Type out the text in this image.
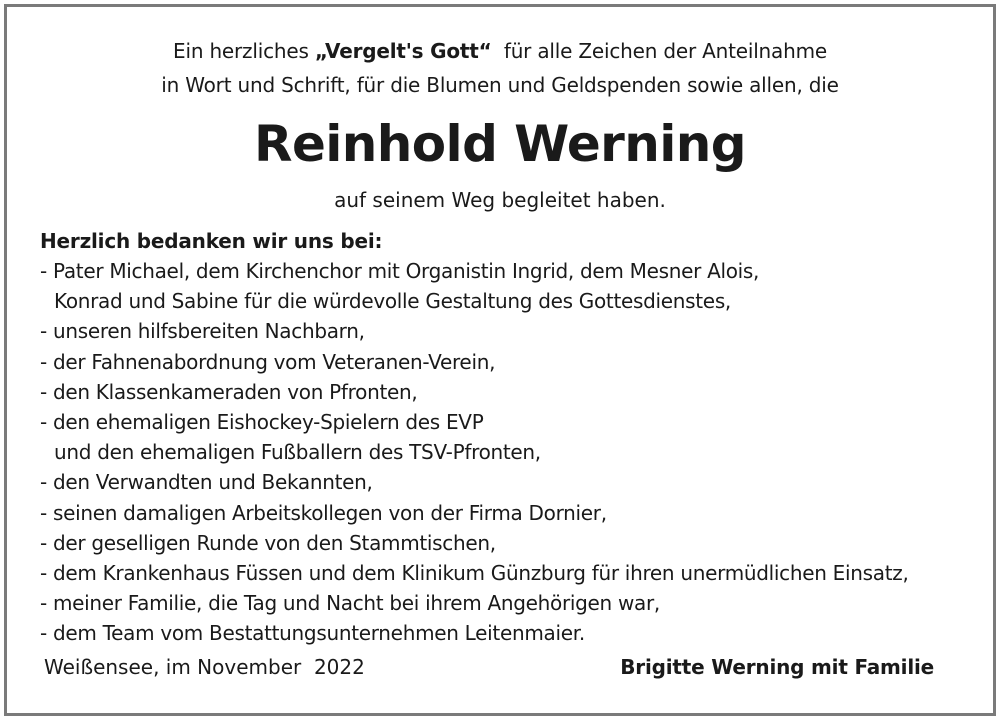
Ein herzliches „Vergelt's Gott“  für alle Zeichen der Anteilnahme
in Wort und Schrift, für die Blumen und Geldspenden sowie allen, die
Reinhold Werning
auf seinem Weg begleitet haben.
Herzlich bedanken wir uns bei:
- Pater Michael, dem Kirchenchor mit Organistin Ingrid, dem Mesner Alois,
Konrad und Sabine für die würdevolle Gestaltung des Gottesdienstes,
- unseren hilfsbereiten Nachbarn,
- der Fahnenabordnung vom Veteranen-Verein,
- den Klassenkameraden von Pfronten,
- den ehemaligen Eishockey-Spielern des EVP
und den ehemaligen Fußballern des TSV-Pfronten,
- den Verwandten und Bekannten,
- seinen damaligen Arbeitskollegen von der Firma Dornier,
- der geselligen Runde von den Stammtischen,
- dem Krankenhaus Füssen und dem Klinikum Günzburg für ihren unermüdlichen Einsatz,
- meiner Familie, die Tag und Nacht bei ihrem Angehörigen war,
- dem Team vom Bestattungsunternehmen Leitenmaier.
Weißensee, im November  2022	Brigitte Werning mit Familie
